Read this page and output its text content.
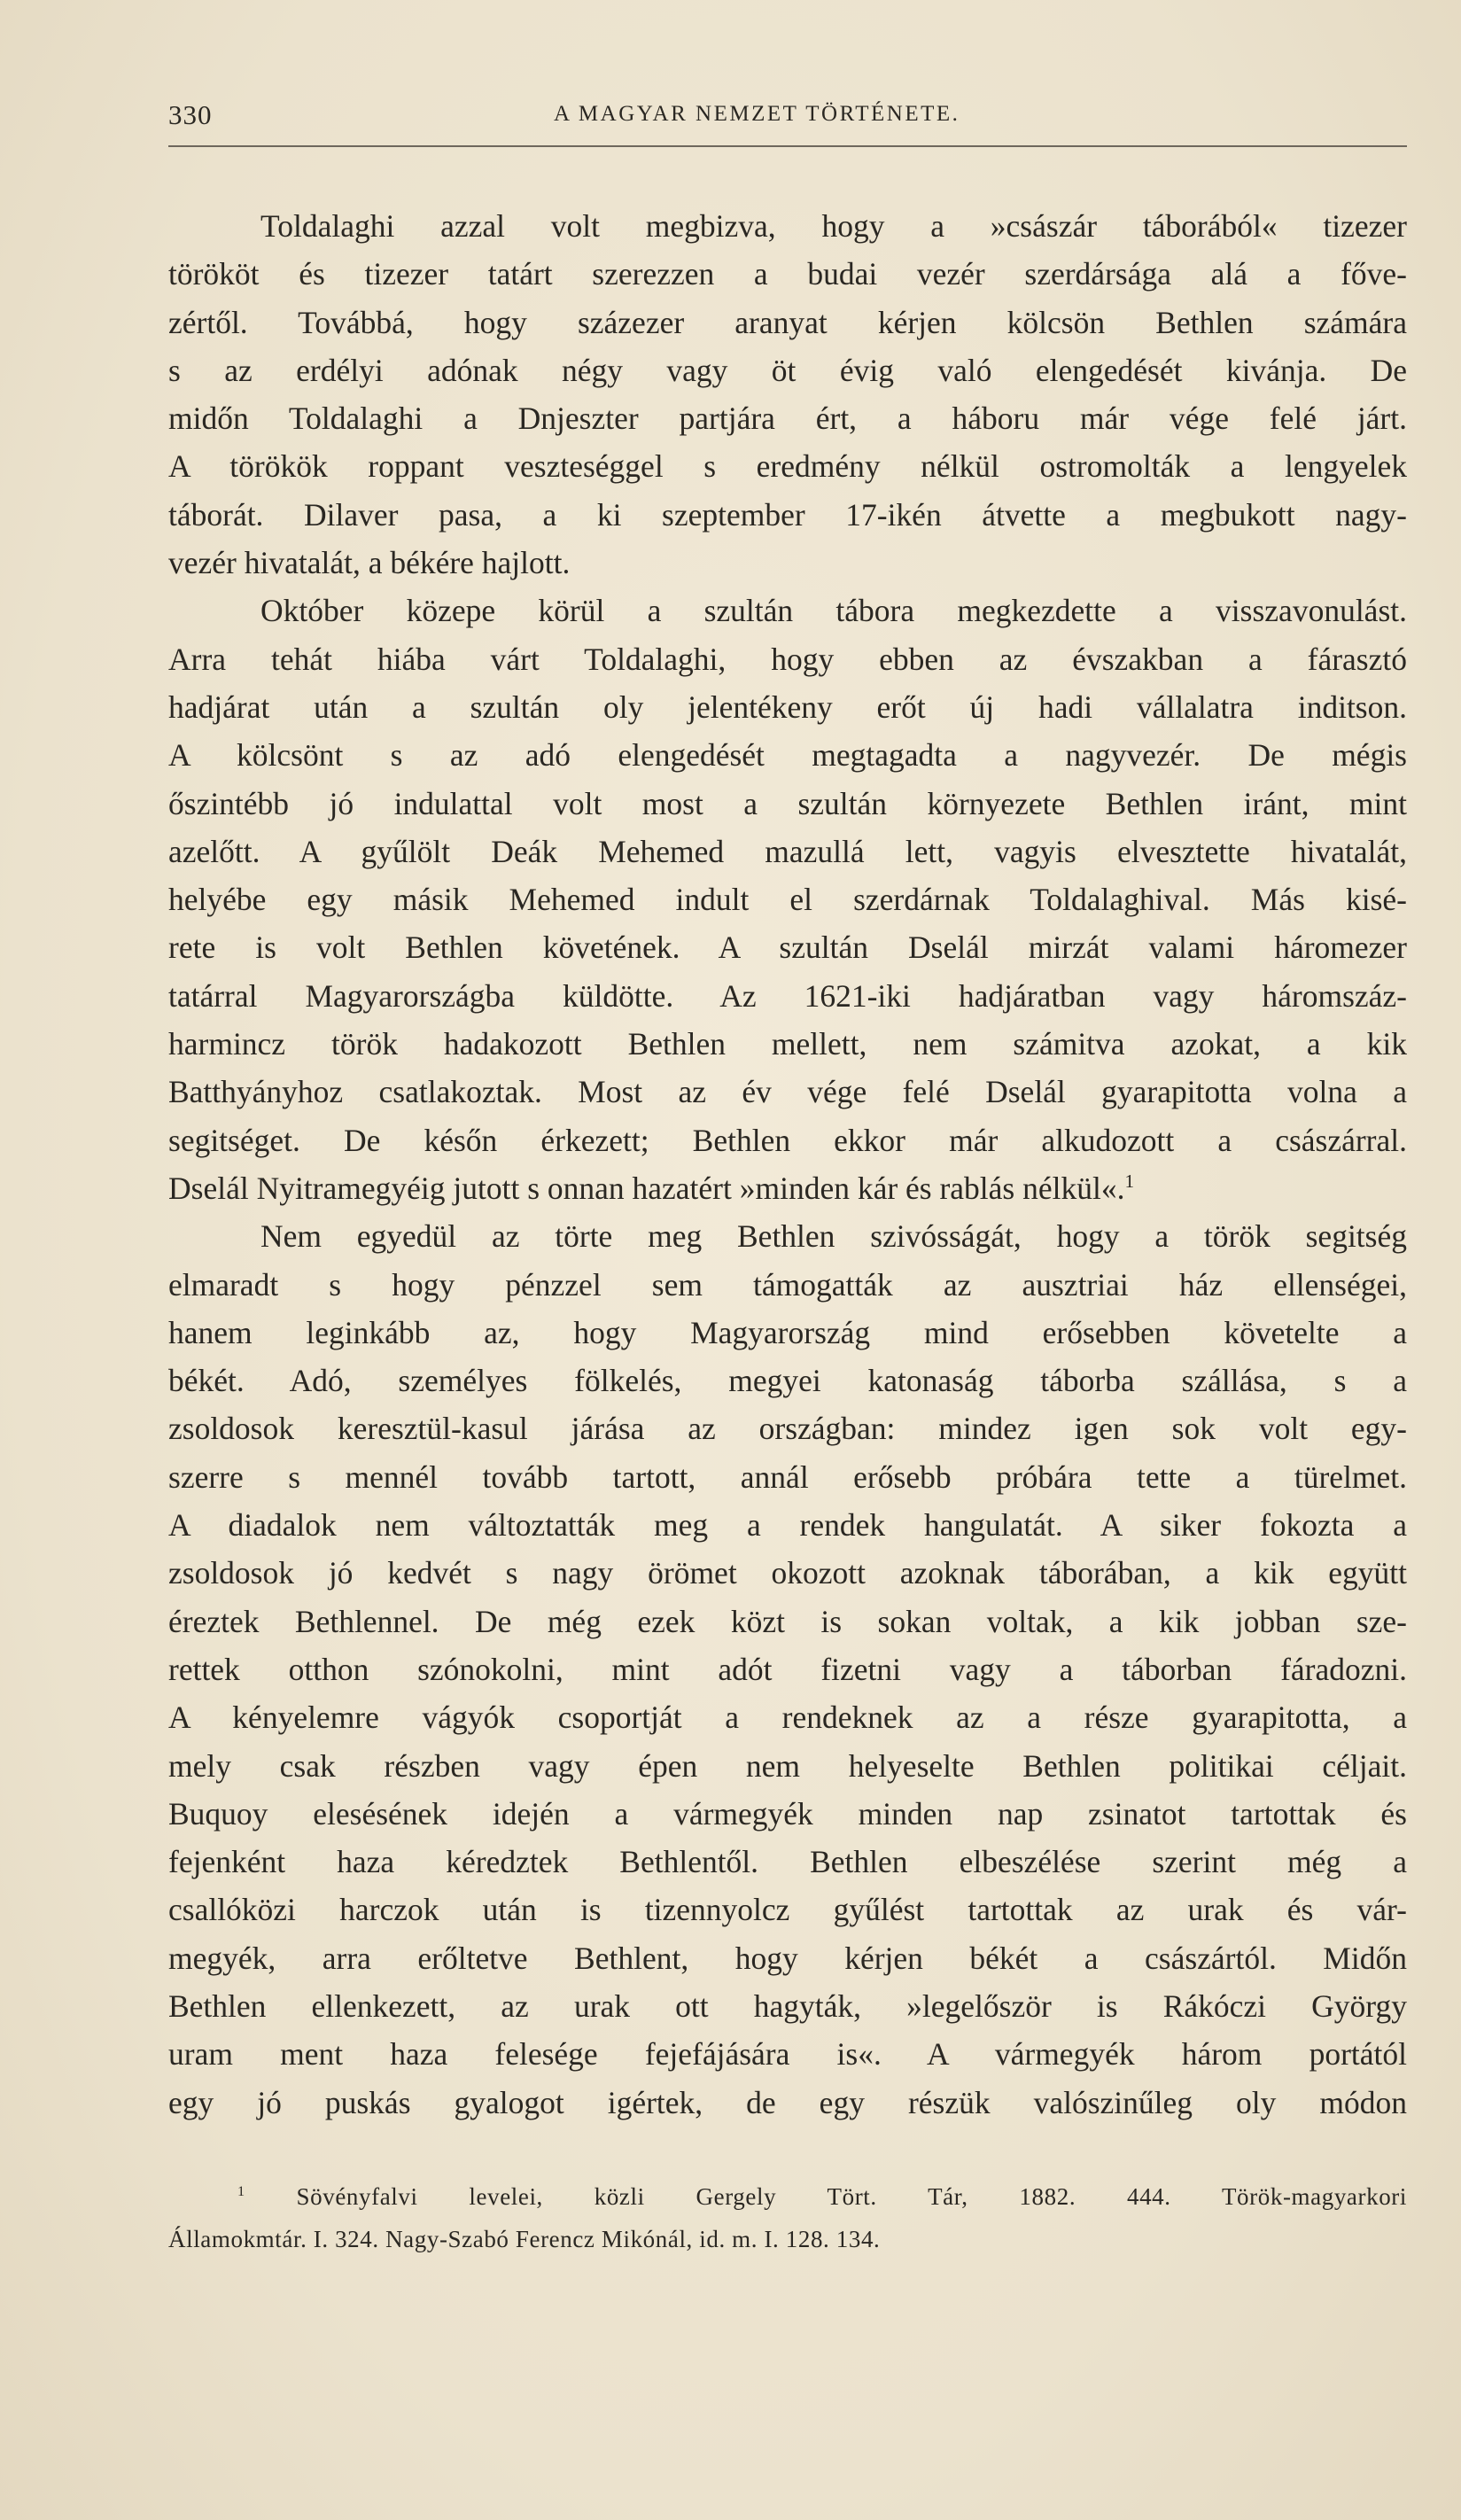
330	A MAGYAR NEMZET TÖRTÉNETE.
Toldalaghi azzal volt megbizva, hogy a »császár táborából« tizezer
törököt és tizezer tatárt szerezzen a budai vezér szerdársága alá a főve-
zértől. Továbbá, hogy százezer aranyat kérjen kölcsön Bethlen számára
s az erdélyi adónak négy vagy öt évig való elengedését kivánja. De
midőn Toldalaghi a Dnjeszter partjára ért, a háboru már vége felé járt.
A törökök roppant veszteséggel s eredmény nélkül ostromolták a lengyelek
táborát. Dilaver pasa, a ki szeptember 17-ikén átvette a megbukott nagy-
vezér hivatalát, a békére hajlott.
Október közepe körül a szultán tábora megkezdette a visszavonulást.
Arra tehát hiába várt Toldalaghi, hogy ebben az évszakban a fárasztó
hadjárat után a szultán oly jelentékeny erőt új hadi vállalatra inditson.
A kölcsönt s az adó elengedését megtagadta a nagyvezér. De mégis
őszintébb jó indulattal volt most a szultán környezete Bethlen iránt, mint
azelőtt. A gyűlölt Deák Mehemed mazullá lett, vagyis elvesztette hivatalát,
helyébe egy másik Mehemed indult el szerdárnak Toldalaghival. Más kisé-
rete is volt Bethlen követének. A szultán Dselál mirzát valami háromezer
tatárral Magyarországba küldötte. Az 1621-iki hadjáratban vagy háromszáz-
harmincz török hadakozott Bethlen mellett, nem számitva azokat, a kik
Batthyányhoz csatlakoztak. Most az év vége felé Dselál gyarapitotta volna a
segitséget. De későn érkezett; Bethlen ekkor már alkudozott a császárral.
Dselál Nyitramegyéig jutott s onnan hazatért »minden kár és rablás nélkül«.$^1$
Nem egyedül az törte meg Bethlen szivósságát, hogy a török segitség
elmaradt s hogy pénzzel sem támogatták az ausztriai ház ellenségei,
hanem leginkább az, hogy Magyarország mind erősebben követelte a
békét. Adó, személyes fölkelés, megyei katonaság táborba szállása, s a
zsoldosok keresztül-kasul járása az országban: mindez igen sok volt egy-
szerre s mennél tovább tartott, annál erősebb próbára tette a türelmet.
A diadalok nem változtatták meg a rendek hangulatát. A siker fokozta a
zsoldosok jó kedvét s nagy örömet okozott azoknak táborában, a kik együtt
éreztek Bethlennel. De még ezek közt is sokan voltak, a kik jobban sze-
rettek otthon szónokolni, mint adót fizetni vagy a táborban fáradozni.
A kényelemre vágyók csoportját a rendeknek az a része gyarapitotta, a
mely csak részben vagy épen nem helyeselte Bethlen politikai céljait.
Buquoy elesésének idején a vármegyék minden nap zsinatot tartottak és
fejenként haza kéredztek Bethlentől. Bethlen elbeszélése szerint még a
csallóközi harczok után is tizennyolcz gyűlést tartottak az urak és vár-
megyék, arra erőltetve Bethlent, hogy kérjen békét a császártól. Midőn
Bethlen ellenkezett, az urak ott hagyták, »legelőször is Rákóczi György
uram ment haza felesége fejefájására is«. A vármegyék három portától
egy jó puskás gyalogot igértek, de egy részük valószinűleg oly módon
$^1$ Sövényfalvi levelei, közli Gergely Tört. Tár, 1882. 444. Török-magyarkori
Államokmtár. I. 324. Nagy-Szabó Ferencz Mikónál, id. m. I. 128. 134.
